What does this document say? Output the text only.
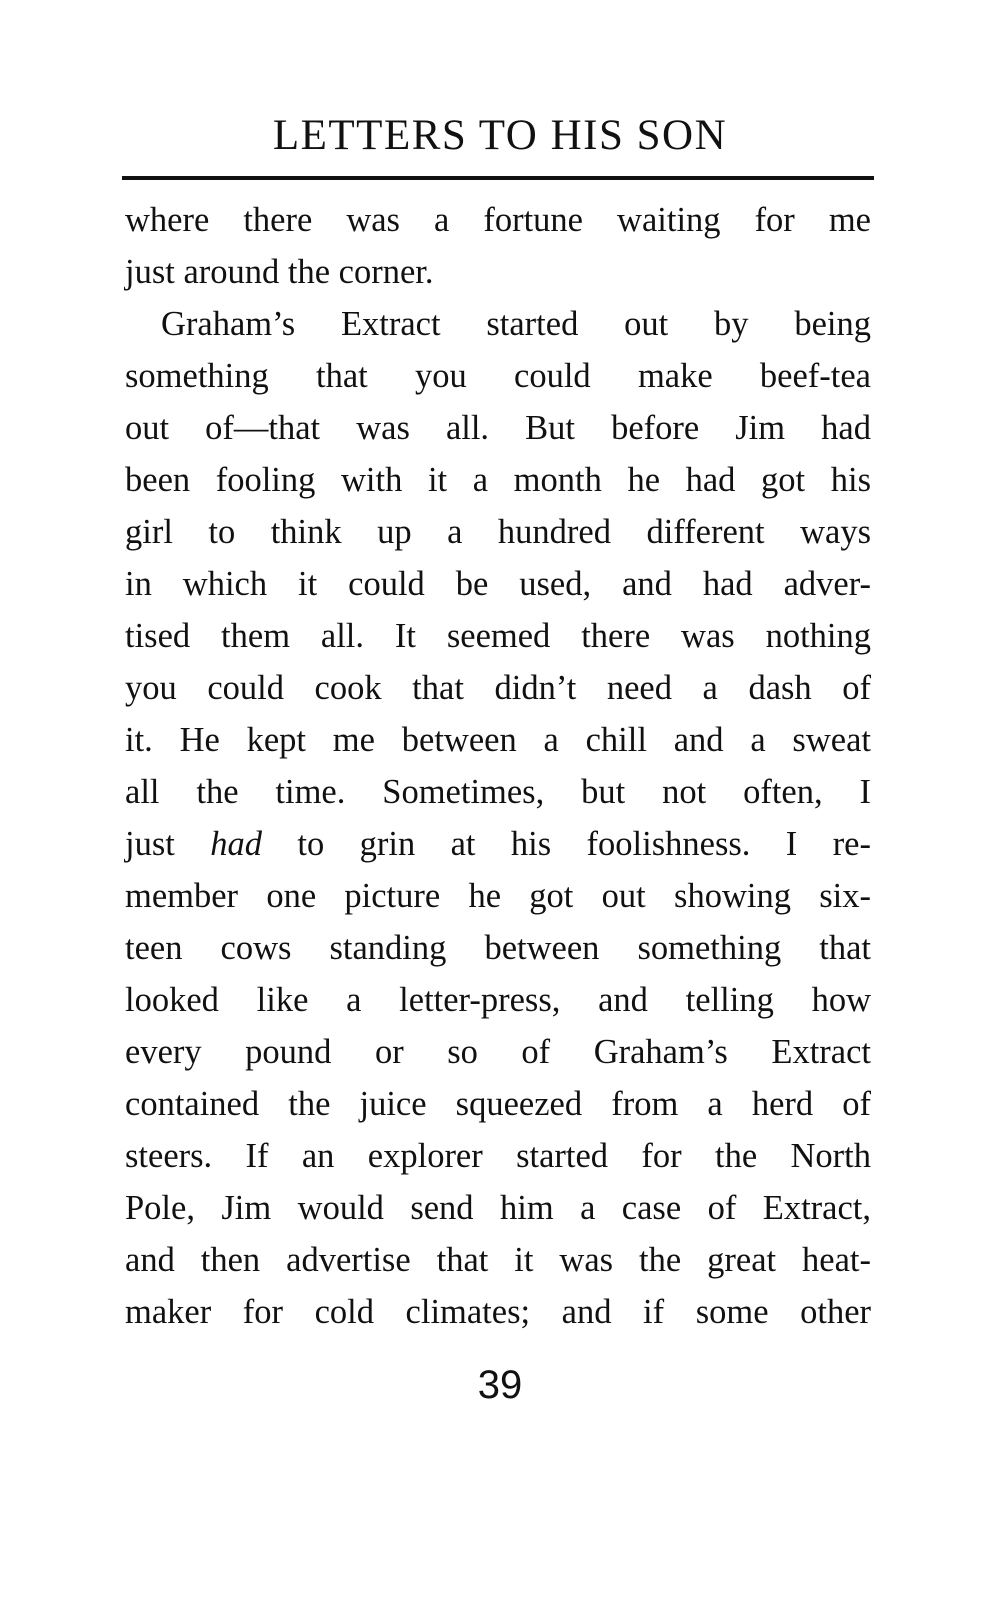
LETTERS TO HIS SON
where there was a fortune waiting for me
just around the corner.
Graham’s Extract started out by being
something that you could make beef-tea
out of—that was all. But before Jim had
been fooling with it a month he had got his
girl to think up a hundred different ways
in which it could be used, and had adver-
tised them all. It seemed there was nothing
you could cook that didn’t need a dash of
it. He kept me between a chill and a sweat
all the time. Sometimes, but not often, I
just had to grin at his foolishness. I re-
member one picture he got out showing six-
teen cows standing between something that
looked like a letter-press, and telling how
every pound or so of Graham’s Extract
contained the juice squeezed from a herd of
steers. If an explorer started for the North
Pole, Jim would send him a case of Extract,
and then advertise that it was the great heat-
maker for cold climates; and if some other
39
